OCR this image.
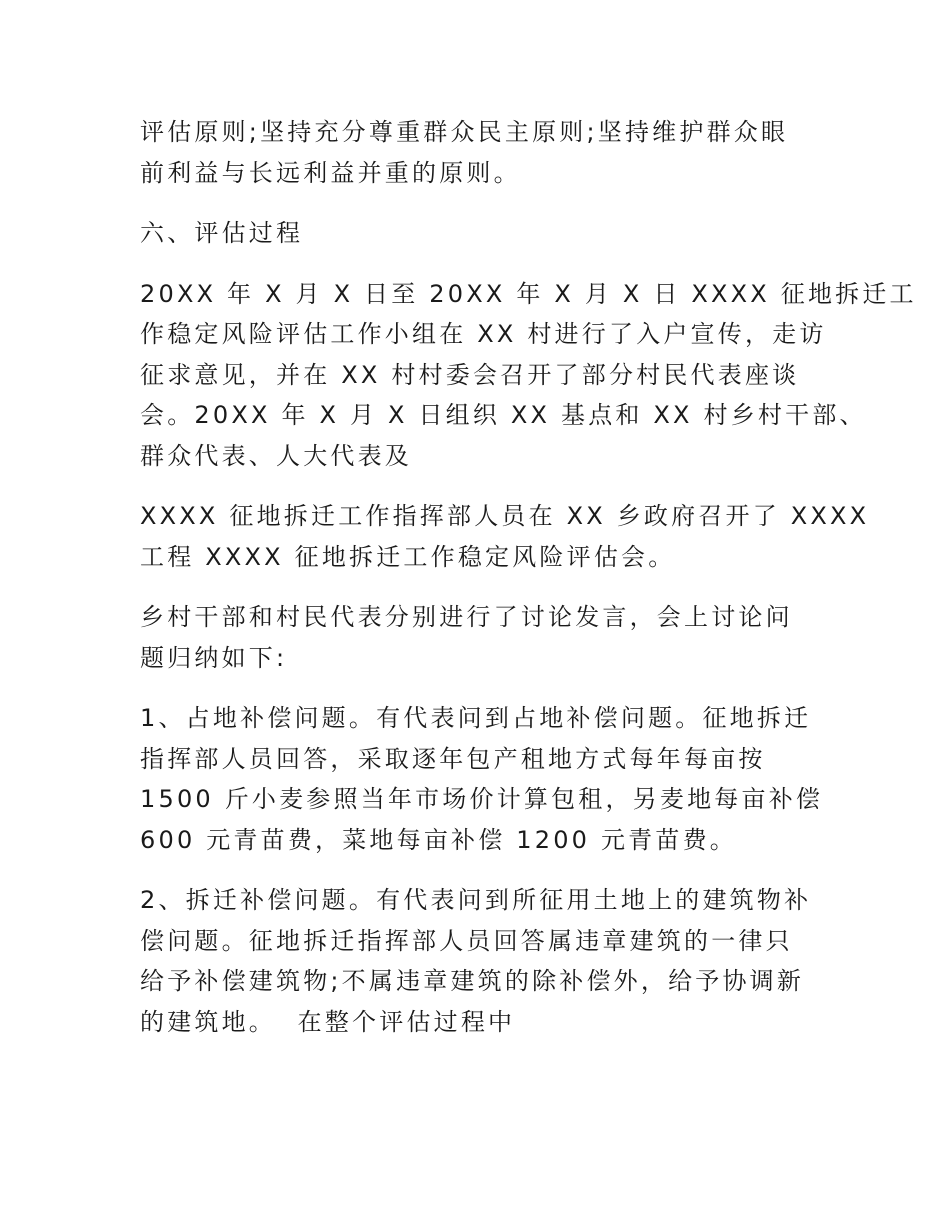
评估原则;坚持充分尊重群众民主原则;坚持维护群众眼
前利益与长远利益并重的原则。

六、评估过程

20XX 年 X 月 X 日至 20XX 年 X 月 X 日 XXXX 征地拆迁工
作稳定风险评估工作小组在 XX 村进行了入户宣传，走访
征求意见，并在 XX 村村委会召开了部分村民代表座谈
会。20XX 年 X 月 X 日组织 XX 基点和 XX 村乡村干部、
群众代表、人大代表及

XXXX 征地拆迁工作指挥部人员在 XX 乡政府召开了 XXXX
工程 XXXX 征地拆迁工作稳定风险评估会。

乡村干部和村民代表分别进行了讨论发言，会上讨论问
题归纳如下:

1、占地补偿问题。有代表问到占地补偿问题。征地拆迁
指挥部人员回答，采取逐年包产租地方式每年每亩按
1500 斤小麦参照当年市场价计算包租，另麦地每亩补偿
600 元青苗费，菜地每亩补偿 1200 元青苗费。

2、拆迁补偿问题。有代表问到所征用土地上的建筑物补
偿问题。征地拆迁指挥部人员回答属违章建筑的一律只
给予补偿建筑物;不属违章建筑的除补偿外，给予协调新
的建筑地。  在整个评估过程中
